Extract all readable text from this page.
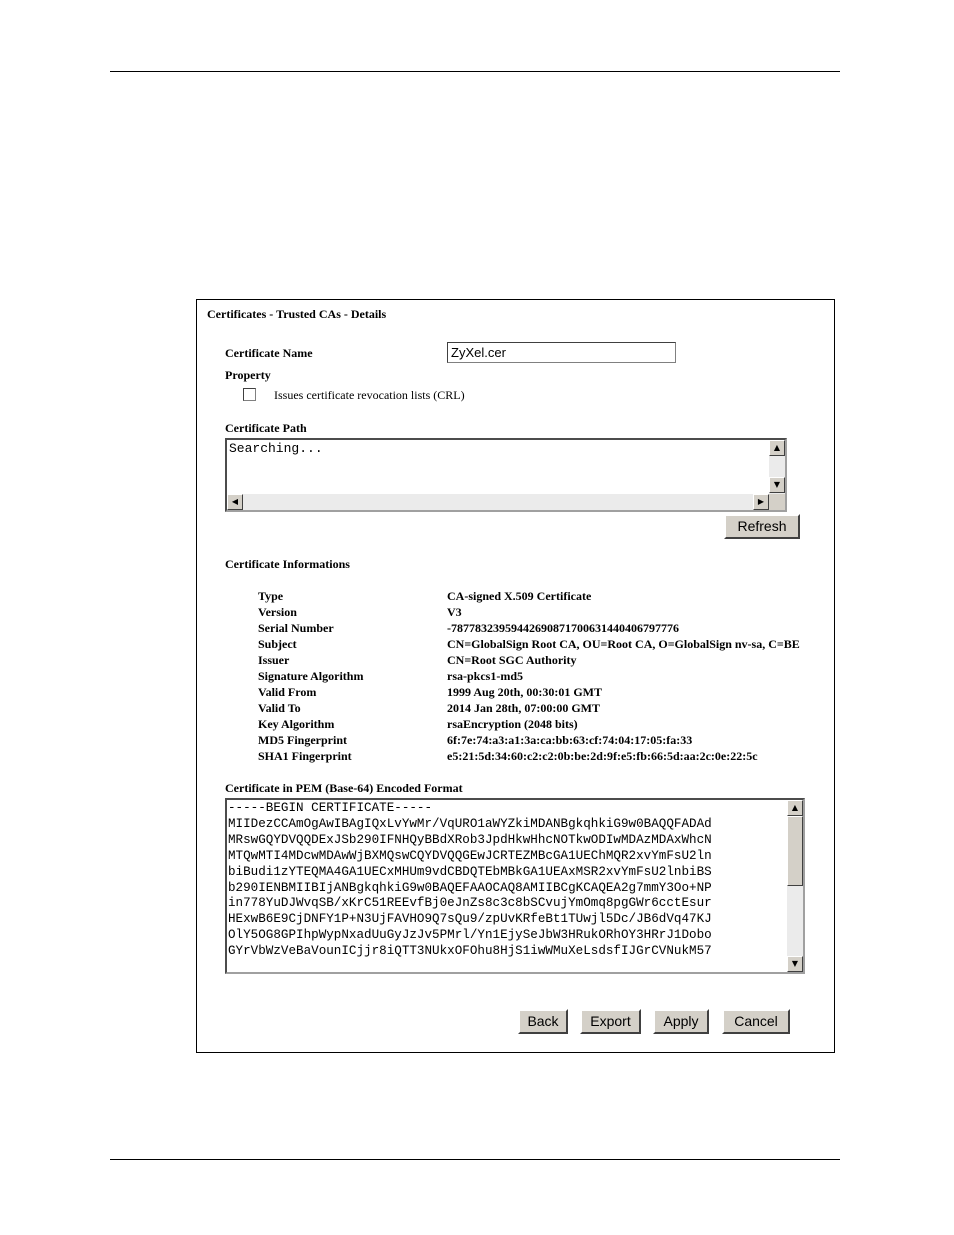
Certificates - Trusted CAs - Details
Certificate Name
ZyXel.cer
Property
Issues certificate revocation lists (CRL)
Certificate Path
Searching...	▲
▼
◀	▶
Refresh
Certificate Informations
Type	CA-signed X.509 Certificate
Version	V3
Serial Number	-78778323959442690871700631440406797776
Subject	CN=GlobalSign Root CA, OU=Root CA, O=GlobalSign nv-sa, C=BE
Issuer	CN=Root SGC Authority
Signature Algorithm	rsa-pkcs1-md5
Valid From	1999 Aug 20th, 00:30:01 GMT
Valid To	2014 Jan 28th, 07:00:00 GMT
Key Algorithm	rsaEncryption (2048 bits)
MD5 Fingerprint	6f:7e:74:a3:a1:3a:ca:bb:63:cf:74:04:17:05:fa:33
SHA1 Fingerprint	e5:21:5d:34:60:c2:c2:0b:be:2d:9f:e5:fb:66:5d:aa:2c:0e:22:5c
Certificate in PEM (Base-64) Encoded Format
-----BEGIN CERTIFICATE-----
MIIDezCCAmOgAwIBAgIQxLvYwMr/VqURO1aWYZkiMDANBgkqhkiG9w0BAQQFADAd
MRswGQYDVQQDExJSb290IFNHQyBBdXRob3JpdHkwHhcNOTkwODIwMDAzMDAxWhcN
MTQwMTI4MDcwMDAwWjBXMQswCQYDVQQGEwJCRTEZMBcGA1UEChMQR2xvYmFsU2ln
biBudi1zYTEQMA4GA1UECxMHUm9vdCBDQTEbMBkGA1UEAxMSR2xvYmFsU2lnbiBS
b290IENBMIIBIjANBgkqhkiG9w0BAQEFAAOCAQ8AMIIBCgKCAQEA2g7mmY3Oo+NP
in778YuDJWvqSB/xKrC51REEvfBj0eJnZs8c3c8bSCvujYmOmq8pgGWr6cctEsur
HExwB6E9CjDNFY1P+N3UjFAVHO9Q7sQu9/zpUvKRfeBt1TUwjl5Dc/JB6dVq47KJ
OlY5OG8GPIhpWypNxadUuGyJzJv5PMrl/Yn1EjySeJbW3HRukORhOY3HRrJ1Dobo
GYrVbWzVeBaVounICjjr8iQTT3NUkxOFOhu8HjS1iwWMuXeLsdsfIJGrCVNukM57
▲
▼
Back	Export	Apply	Cancel
